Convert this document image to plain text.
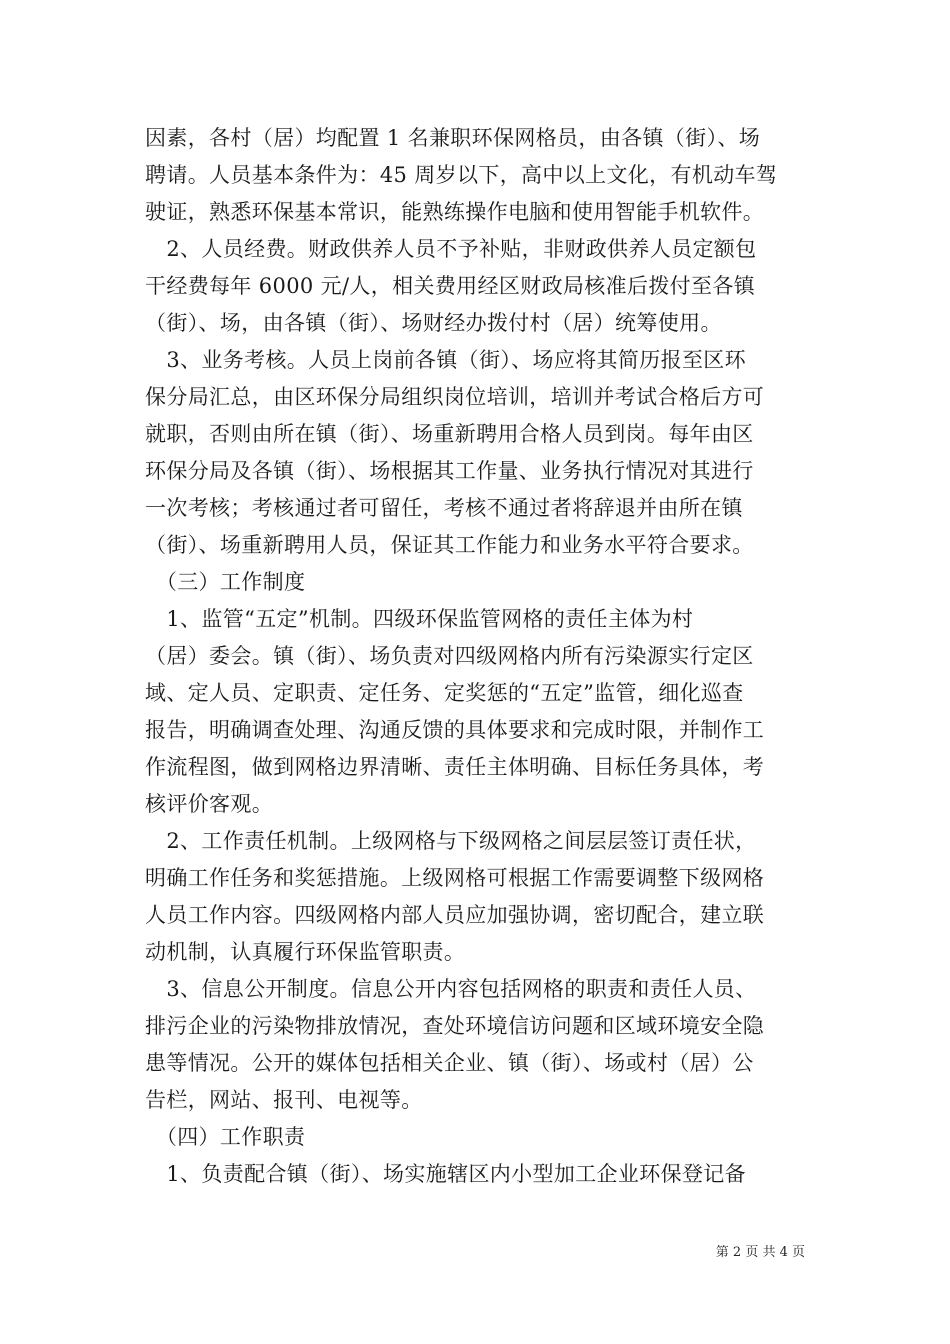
因素，各村（居）均配置 1 名兼职环保网格员，由各镇（街）、场
聘请。人员基本条件为：45 周岁以下，高中以上文化，有机动车驾
驶证，熟悉环保基本常识，能熟练操作电脑和使用智能手机软件。
　2、人员经费。财政供养人员不予补贴，非财政供养人员定额包
干经费每年 6000 元/人，相关费用经区财政局核准后拨付至各镇
（街）、场，由各镇（街）、场财经办拨付村（居）统筹使用。
　3、业务考核。人员上岗前各镇（街）、场应将其简历报至区环
保分局汇总，由区环保分局组织岗位培训，培训并考试合格后方可
就职，否则由所在镇（街）、场重新聘用合格人员到岗。每年由区
环保分局及各镇（街）、场根据其工作量、业务执行情况对其进行
一次考核；考核通过者可留任，考核不通过者将辞退并由所在镇
（街）、场重新聘用人员，保证其工作能力和业务水平符合要求。
　（三）工作制度
　1、监管“五定”机制。四级环保监管网格的责任主体为村
（居）委会。镇（街）、场负责对四级网格内所有污染源实行定区
域、定人员、定职责、定任务、定奖惩的“五定”监管，细化巡查
报告，明确调查处理、沟通反馈的具体要求和完成时限，并制作工
作流程图，做到网格边界清晰、责任主体明确、目标任务具体，考
核评价客观。
　2、工作责任机制。上级网格与下级网格之间层层签订责任状，
明确工作任务和奖惩措施。上级网格可根据工作需要调整下级网格
人员工作内容。四级网格内部人员应加强协调，密切配合，建立联
动机制，认真履行环保监管职责。
　3、信息公开制度。信息公开内容包括网格的职责和责任人员、
排污企业的污染物排放情况，查处环境信访问题和区域环境安全隐
患等情况。公开的媒体包括相关企业、镇（街）、场或村（居）公
告栏，网站、报刊、电视等。
　（四）工作职责
　1、负责配合镇（街）、场实施辖区内小型加工企业环保登记备
第 2 页 共 4 页
